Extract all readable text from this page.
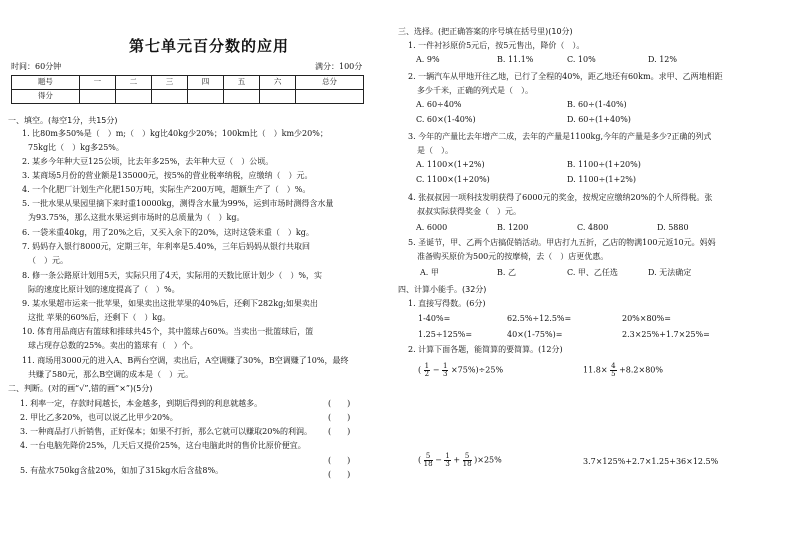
第七单元百分数的应用
时间：60分钟	满分：100分
题号	一	二	三	四	五	六	总分
得分							
一、填空。(每空1分，共15分)
1. 比80m多50%是（　）m;（　）kg比40kg少20%；100km比（　）km少20%；
75kg比（　）kg多25%。
2. 某乡今年种大豆125公顷，比去年多25%，去年种大豆（　）公顷。
3. 某商场5月份的营业额是135000元，按5%的营业税率纳税，应缴纳（　）元。
4. 一个化肥厂计划生产化肥150万吨，实际生产200万吨，超额生产了（　）%。
5. 一批水果从果园里摘下来时重10000kg，测得含水量为99%，运到市场时测得含水量
为93.75%，那么这批水果运到市场时的总质量为（　）kg。
6. 一袋米重40kg，用了20%之后，又买入余下的20%，这时这袋米重（　）kg。
7. 妈妈存入银行8000元，定期三年，年利率是5.40%，三年后妈妈从银行共取回
（　）元。
8. 修一条公路原计划用5天，实际只用了4天，实际用的天数比原计划少（　）%，实
际的速度比原计划的速度提高了（　）%。
9. 某水果超市运来一批苹果，如果卖出这批苹果的40%后，还剩下282kg;如果卖出
这批 苹果的60%后，还剩下（　）kg。
10. 体育用品商店有篮球和排球共45个，其中篮球占60%。当卖出一批篮球后，篮
球占现存总数的25%。卖出的篮球有（　）个。
11. 商场用3000元的进入A、B两台空调，卖出后，A空调赚了30%，B空调赚了10%，最终
共赚了580元，那么B空调的成本是（　）元。
二、判断。(对的画“√”,错的画“×”)(5分)
1. 利率一定，存款时间越长，本金越多，到期后得到的利息就越多。	(　　)
2. 甲比乙多20%，也可以说乙比甲少20%。	(　　)
3. 一种商品打八折销售，正好保本；如果不打折，那么它就可以赚取20%的利润。 (　　)
4. 一台电脑先降价25%，几天后又提价25%，这台电脑此时的售价比原价便宜。
(　　)
5. 有盐水750kg含盐20%，如加了315kg水后含盐8%。	(　　)
三、选择。(把正确答案的序号填在括号里)(10分)
1. 一件衬衫原价5元后，按5元售出，降价（　）。
A. 9%	B. 11.1%	C. 10%	D. 12%
2. 一辆汽车从甲地开往乙地，已行了全程的40%，距乙地还有60km。求甲、乙两地相距
多少千米，正确的列式是（　）。
A. 60÷40%	B. 60÷(1-40%)
C. 60×(1-40%)	D. 60÷(1+40%)
3. 今年的产量比去年增产二成，去年的产量是1100kg,今年的产量是多少?正确的列式
是（　）。
A. 1100×(1+2%)	B. 1100÷(1+20%)
C. 1100×(1+20%)	D. 1100÷(1+2%)
4. 张叔叔因一项科技发明获得了6000元的奖金，按规定应缴纳20%的个人所得税。张
叔叔实际获得奖金（　）元。
A. 6000	B. 1200	C. 4800	D. 5880
5. 圣诞节，甲、乙两个店搞促销活动。甲店打九五折，乙店的物满100元返10元。妈妈
准备购买原价为500元的按摩椅，去（　）店更优惠。
A. 甲	B. 乙	C. 甲、乙任选	D. 无法确定
四、计算小能手。(32分)
1. 直接写得数。(6分)
1-40%=	62.5%÷12.5%=	20%×80%=
1.25÷125%=	40×(1-75%)=	2.3×25%+1.7×25%=
2. 计算下面各题，能简算的要简算。(12分)
( $\frac{1}{2} - \frac{1}{3} \times 75\%)\div 25\%$	$11.8\times \frac{4}{5} +8.2\times 80\%$
( $\frac{5}{18} - \frac{1}{3} + \frac{5}{18} )\times 25\%$	3.7×125%+2.7×1.25+36×12.5%
